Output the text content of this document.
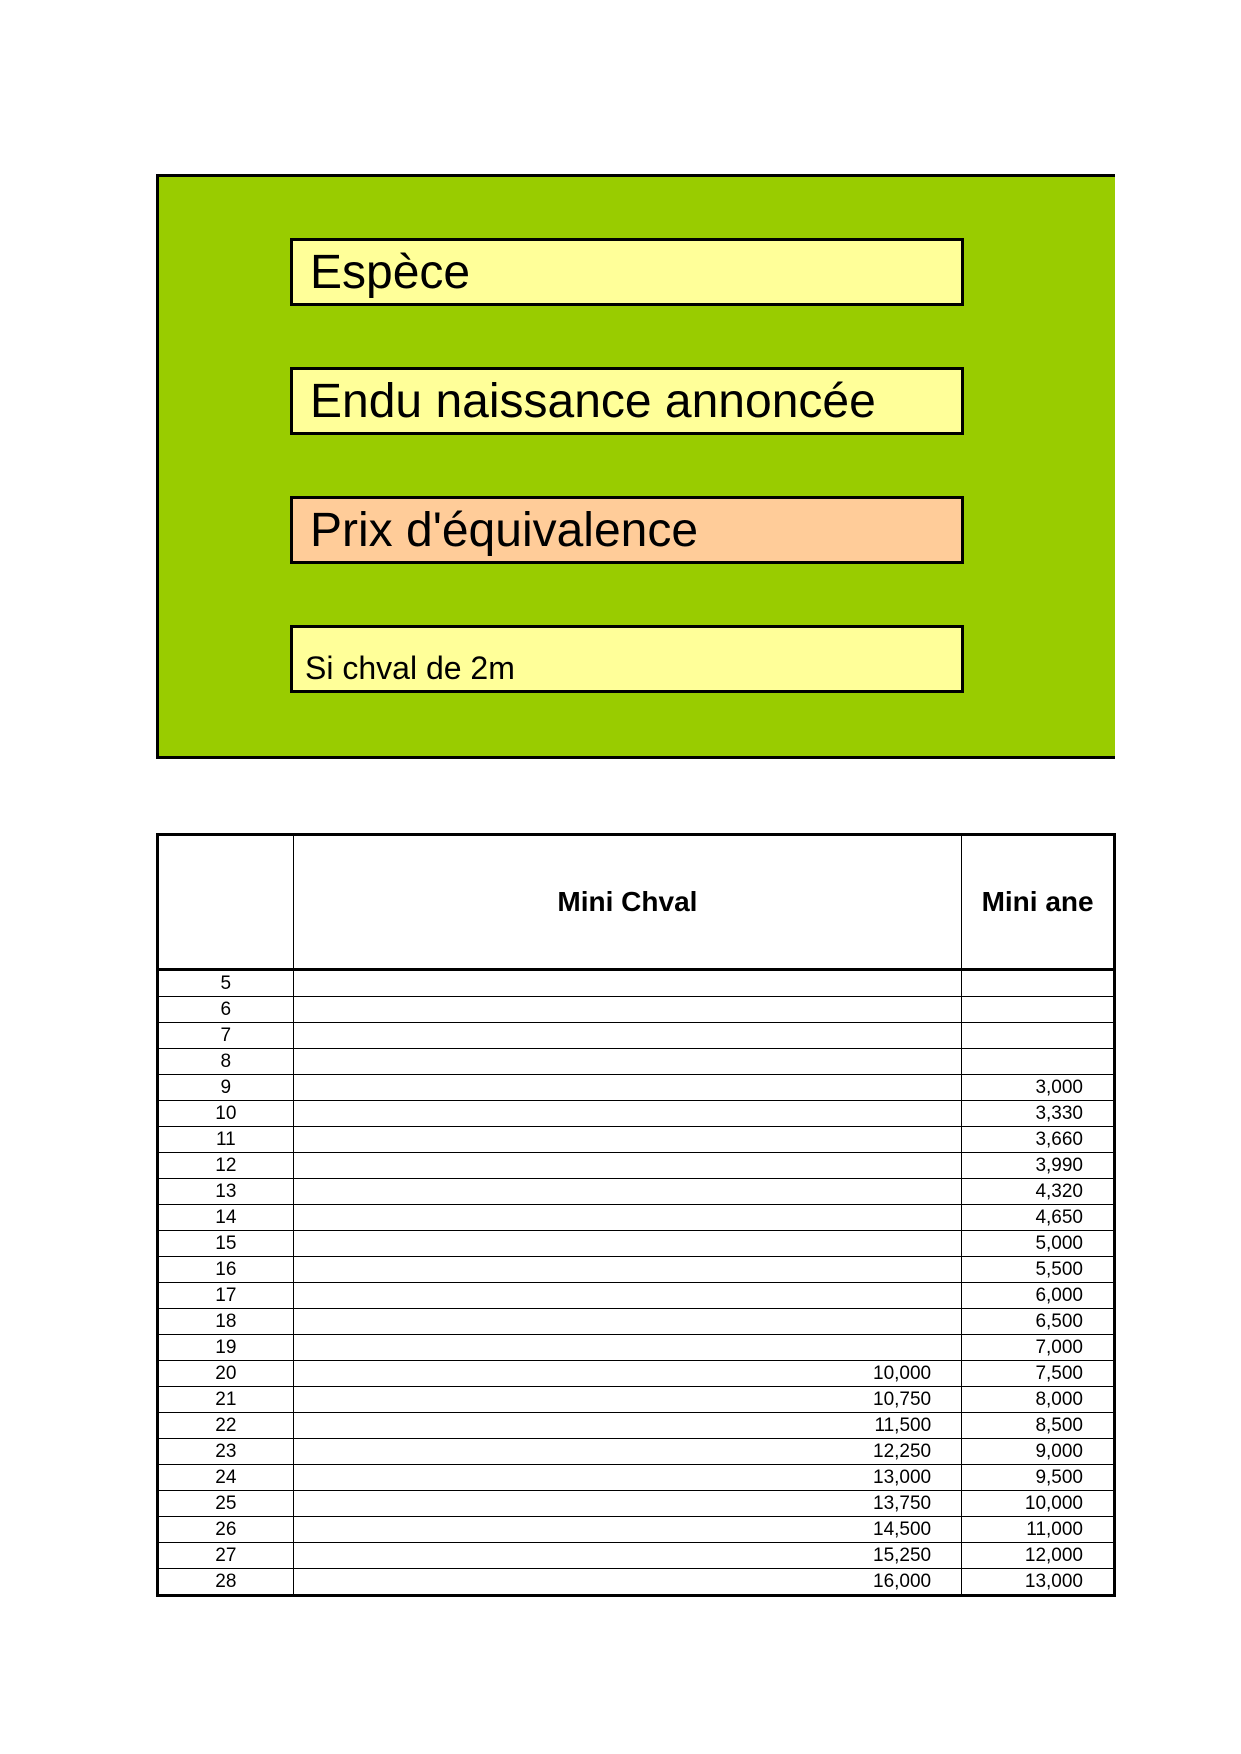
Espèce
Endu naissance annoncée
Prix d'équivalence
Si chval de 2m
	Mini Chval	Mini ane
5		
6		
7		
8		
9		3,000
10		3,330
11		3,660
12		3,990
13		4,320
14		4,650
15		5,000
16		5,500
17		6,000
18		6,500
19		7,000
20	10,000	7,500
21	10,750	8,000
22	11,500	8,500
23	12,250	9,000
24	13,000	9,500
25	13,750	10,000
26	14,500	11,000
27	15,250	12,000
28	16,000	13,000
